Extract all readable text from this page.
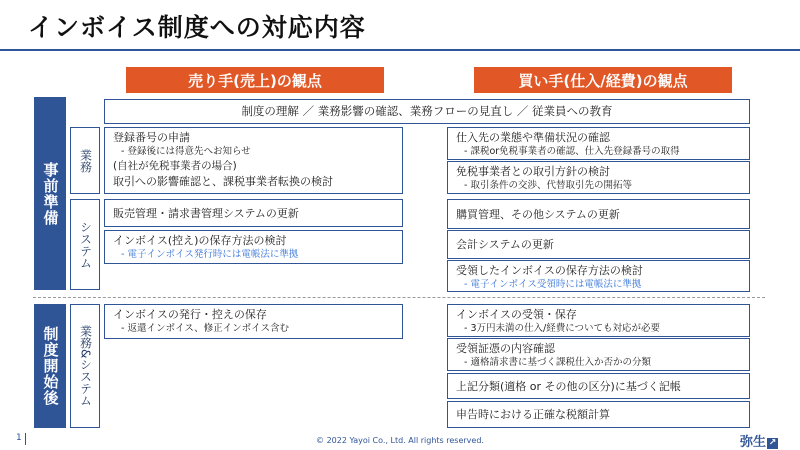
インボイス制度への対応内容
売り手(売上)の観点	買い手(仕入/経費)の観点
事前準備
制度開始後
業務
システム
業務&システム
制度の理解 ／ 業務影響の確認、業務フローの見直し ／ 従業員への教育
登録番号の申請
- 登録後には得意先へお知らせ
(自社が免税事業者の場合)
取引への影響確認と、課税事業者転換の検討
販売管理・請求書管理システムの更新
インボイス(控え)の保存方法の検討
- 電子インボイス発行時には電帳法に準拠
インボイスの発行・控えの保存
- 返還インボイス、修正インボイス含む
仕入先の業態や準備状況の確認
- 課税or免税事業者の確認、仕入先登録番号の取得
免税事業者との取引方針の検討
- 取引条件の交渉、代替取引先の開拓等
購買管理、その他システムの更新
会計システムの更新
受領したインボイスの保存方法の検討
- 電子インボイス受領時には電帳法に準拠
インボイスの受領・保存
- 3万円未満の仕入/経費についても対応が必要
受領証憑の内容確認
- 適格請求書に基づく課税仕入か否かの分類
上記分類(適格 or その他の区分)に基づく記帳
申告時における正確な税額計算
1	© 2022 Yayoi Co., Ltd. All rights reserved.	弥生 ↗
